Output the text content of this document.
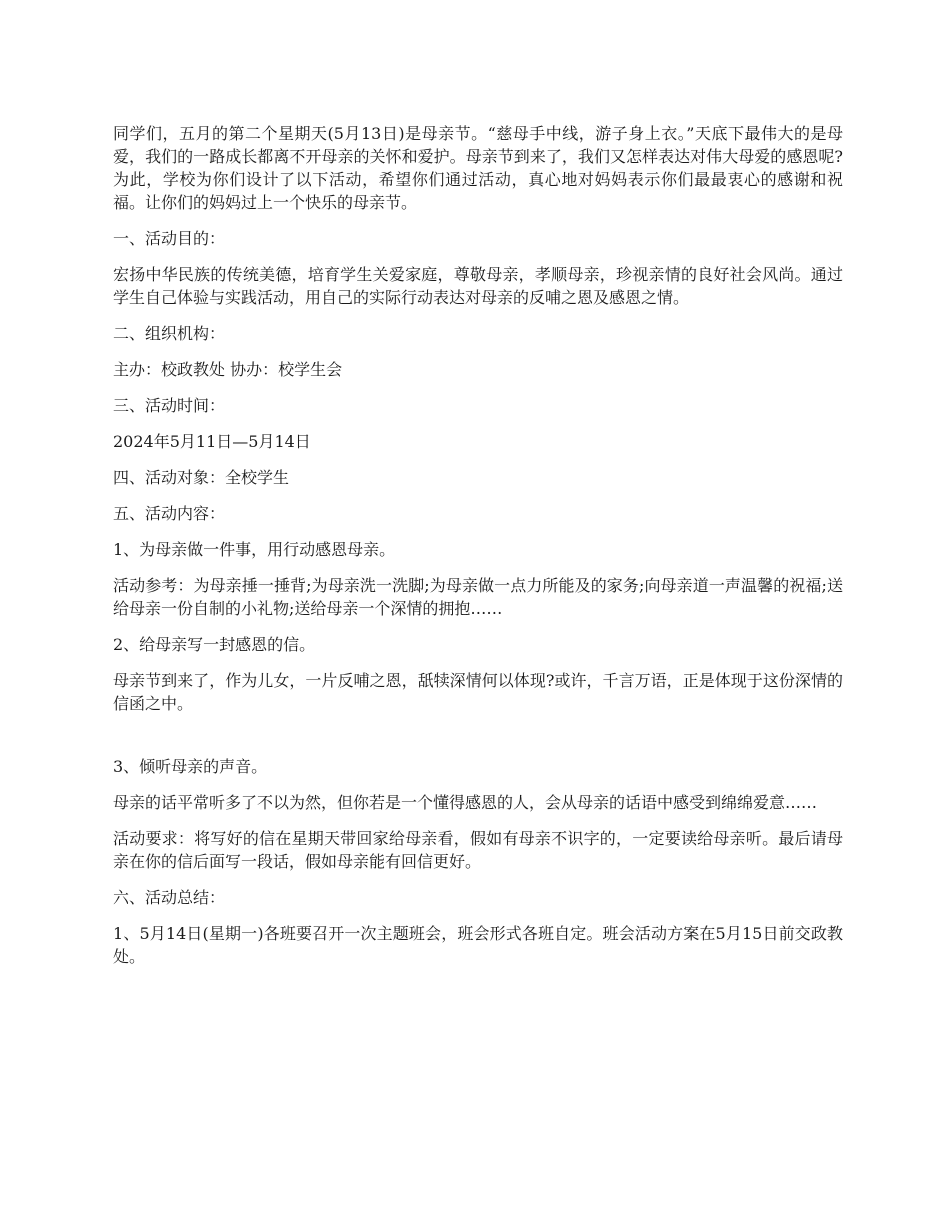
同学们，五月的第二个星期天(5月13日)是母亲节。“慈母手中线，游子身上衣。”天底下最伟大的是母爱，我们的一路成长都离不开母亲的关怀和爱护。母亲节到来了，我们又怎样表达对伟大母爱的感恩呢?为此，学校为你们设计了以下活动，希望你们通过活动，真心地对妈妈表示你们最最衷心的感谢和祝福。让你们的妈妈过上一个快乐的母亲节。

一、活动目的：

宏扬中华民族的传统美德，培育学生关爱家庭，尊敬母亲，孝顺母亲，珍视亲情的良好社会风尚。通过学生自己体验与实践活动，用自己的实际行动表达对母亲的反哺之恩及感恩之情。

二、组织机构：

主办：校政教处 协办：校学生会

三、活动时间：

2024年5月11日—5月14日

四、活动对象：全校学生

五、活动内容：

1、为母亲做一件事，用行动感恩母亲。

活动参考：为母亲捶一捶背;为母亲洗一洗脚;为母亲做一点力所能及的家务;向母亲道一声温馨的祝福;送给母亲一份自制的小礼物;送给母亲一个深情的拥抱……

2、给母亲写一封感恩的信。

母亲节到来了，作为儿女，一片反哺之恩，舐犊深情何以体现?或许，千言万语，正是体现于这份深情的信函之中。

3、倾听母亲的声音。

母亲的话平常听多了不以为然，但你若是一个懂得感恩的人，会从母亲的话语中感受到绵绵爱意……

活动要求：将写好的信在星期天带回家给母亲看，假如有母亲不识字的，一定要读给母亲听。最后请母亲在你的信后面写一段话，假如母亲能有回信更好。

六、活动总结：

1、5月14日(星期一)各班要召开一次主题班会，班会形式各班自定。班会活动方案在5月15日前交政教处。
